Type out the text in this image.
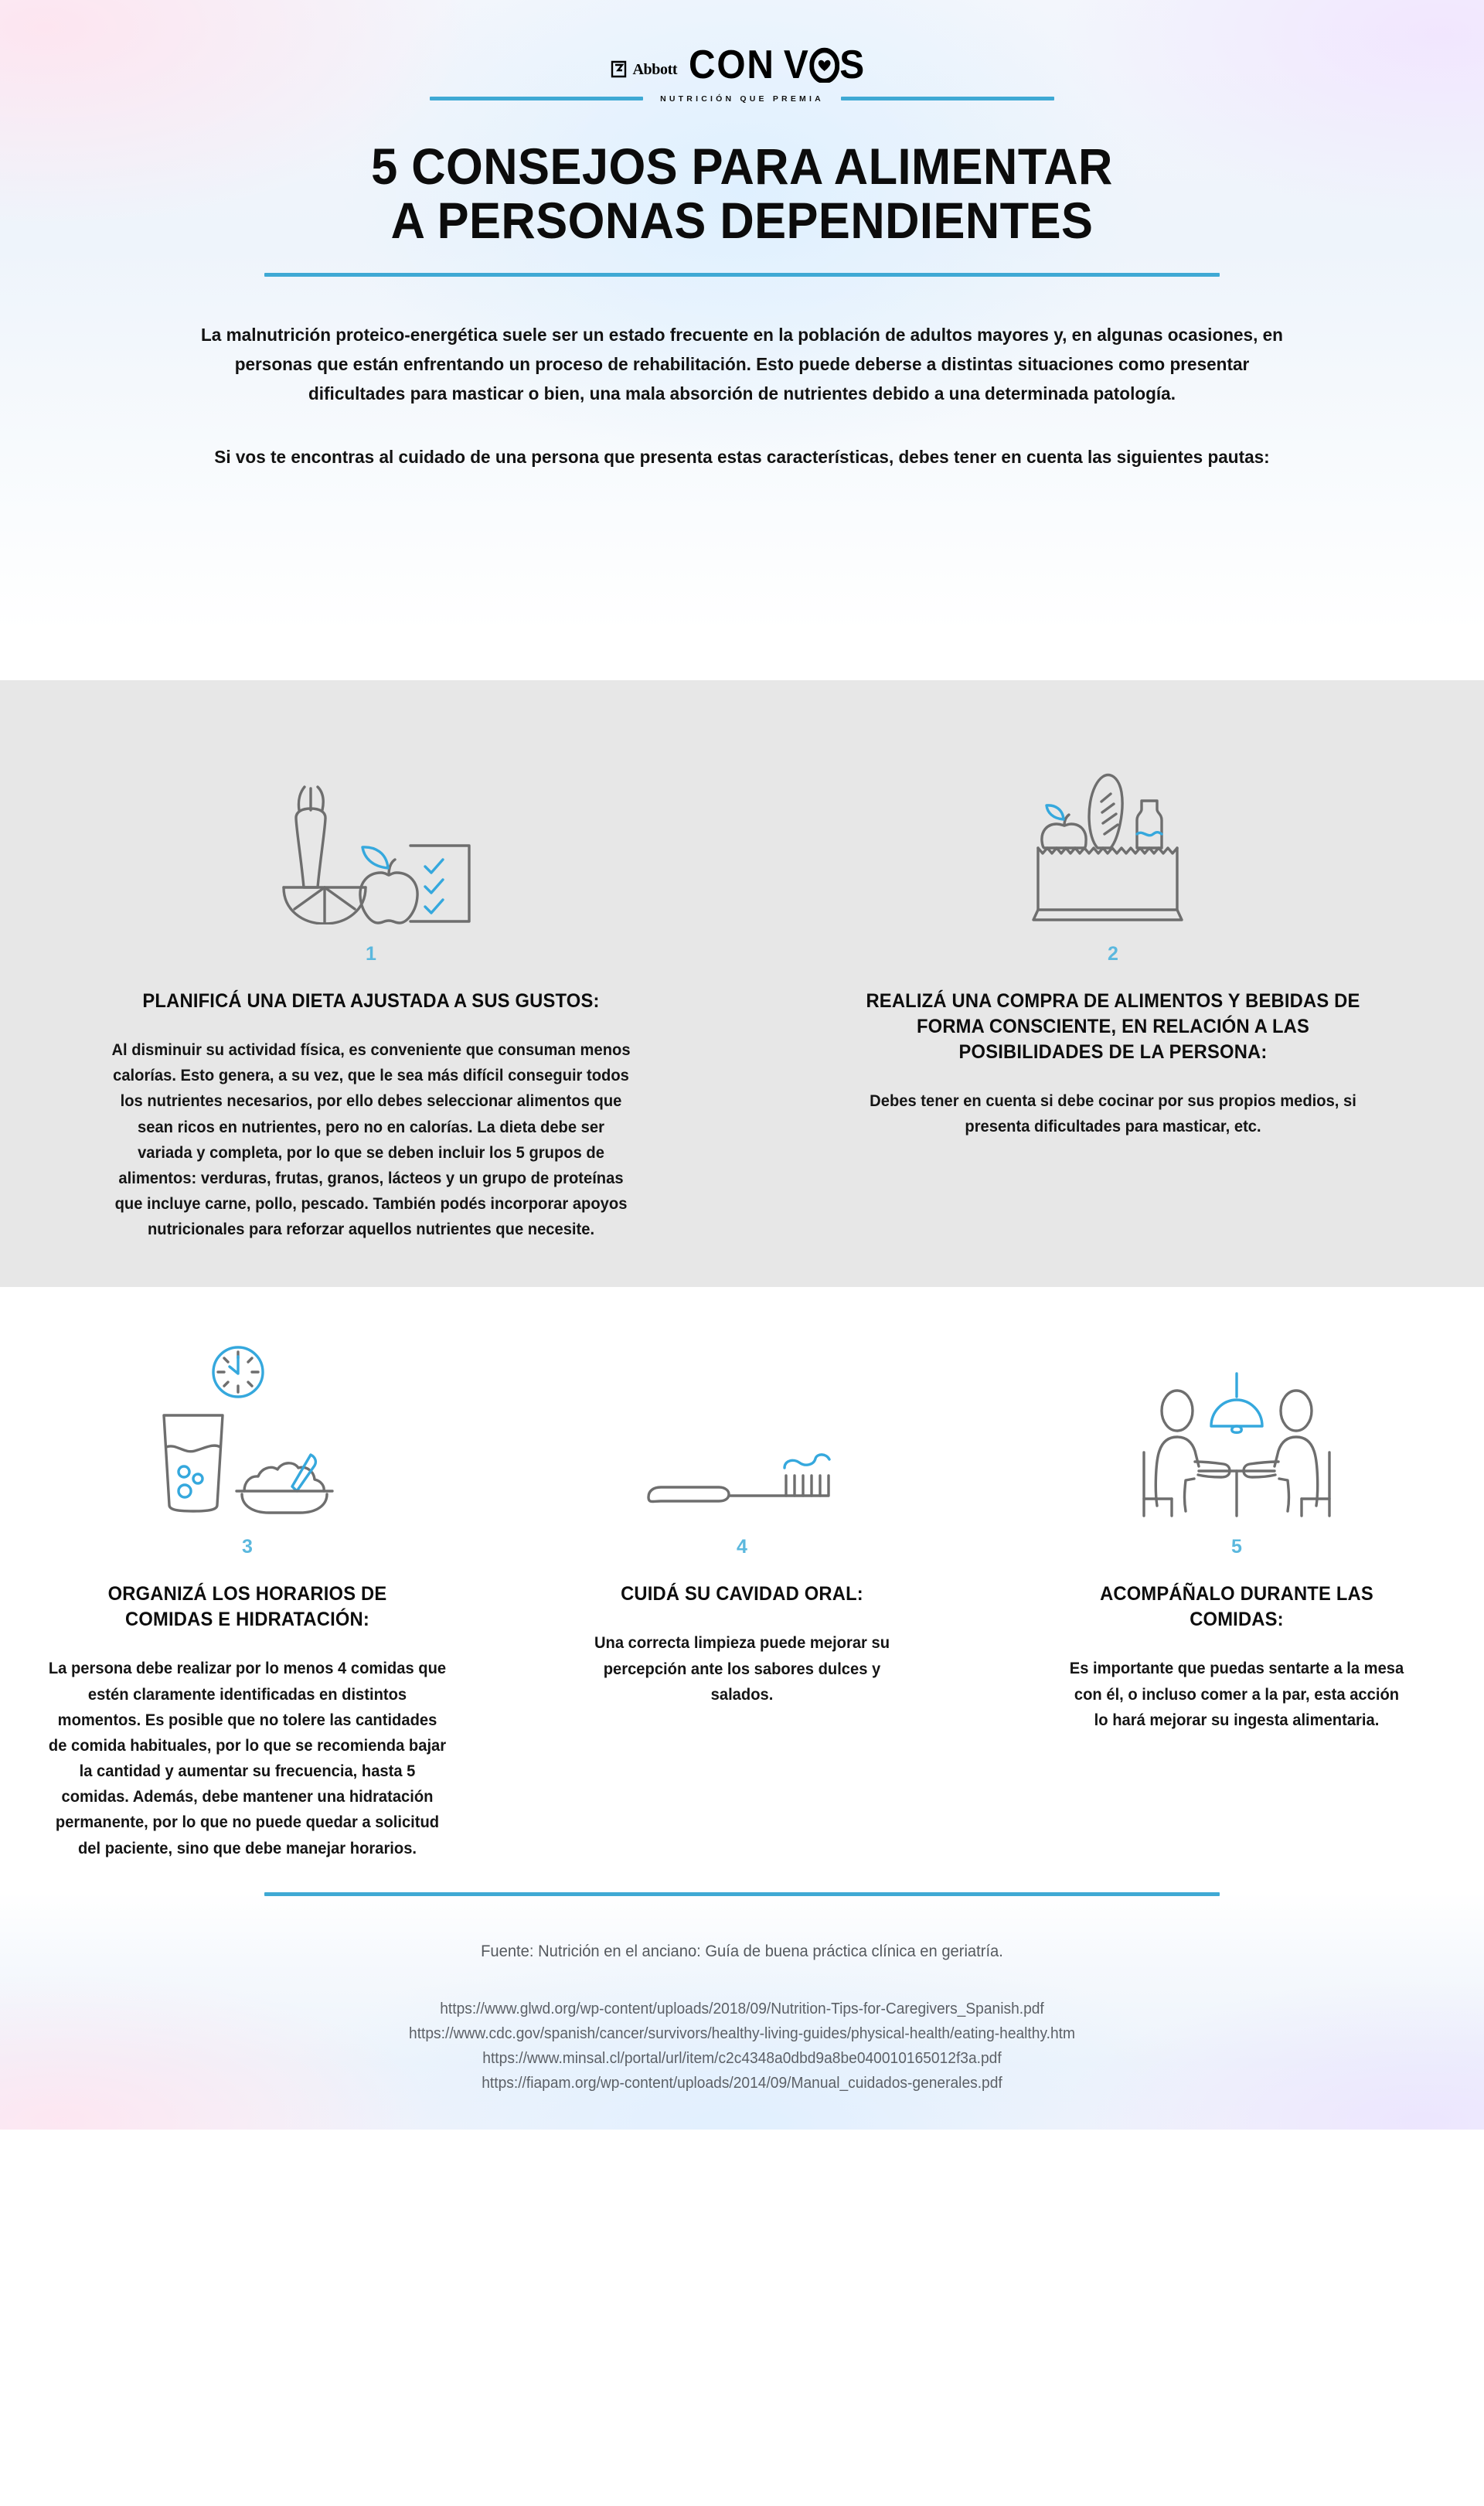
Abbott
CON V S
NUTRICIÓN QUE PREMIA
5 CONSEJOS PARA ALIMENTAR
A PERSONAS DEPENDIENTES

La malnutrición proteico-energética suele ser un estado frecuente en la población de adultos mayores y, en algunas ocasiones, en personas que están enfrentando un proceso de rehabilitación. Esto puede deberse a distintas situaciones como presentar dificultades para masticar o bien, una mala absorción de nutrientes debido a una determinada patología.

Si vos te encontras al cuidado de una persona que presenta estas características, debes tener en cuenta las siguientes pautas:

1
PLANIFICÁ UNA DIETA AJUSTADA A SUS GUSTOS:
Al disminuir su actividad física, es conveniente que consuman menos calorías. Esto genera, a su vez, que le sea más difícil conseguir todos los nutrientes necesarios, por ello debes seleccionar alimentos que sean ricos en nutrientes, pero no en calorías. La dieta debe ser variada y completa, por lo que se deben incluir los 5 grupos de alimentos: verduras, frutas, granos, lácteos y un grupo de proteínas que incluye carne, pollo, pescado. También podés incorporar apoyos nutricionales para reforzar aquellos nutrientes que necesite.
2
REALIZÁ UNA COMPRA DE ALIMENTOS Y BEBIDAS DE FORMA CONSCIENTE, EN RELACIÓN A LAS POSIBILIDADES DE LA PERSONA:
Debes tener en cuenta si debe cocinar por sus propios medios, si presenta dificultades para masticar, etc.
3
ORGANIZÁ LOS HORARIOS DE COMIDAS E HIDRATACIÓN:
La persona debe realizar por lo menos 4 comidas que estén claramente identificadas en distintos momentos. Es posible que no tolere las cantidades de comida habituales, por lo que se recomienda bajar la cantidad y aumentar su frecuencia, hasta 5 comidas. Además, debe mantener una hidratación permanente, por lo que no puede quedar a solicitud del paciente, sino que debe manejar horarios.
4
CUIDÁ SU CAVIDAD ORAL:
Una correcta limpieza puede mejorar su percepción ante los sabores dulces y salados.
5
ACOMPÁÑALO DURANTE LAS COMIDAS:
Es importante que puedas sentarte a la mesa con él, o incluso comer a la par, esta acción lo hará mejorar su ingesta alimentaria.
Fuente: Nutrición en el anciano: Guía de buena práctica clínica en geriatría.
https://www.glwd.org/wp-content/uploads/2018/09/Nutrition-Tips-for-Caregivers_Spanish.pdf
https://www.cdc.gov/spanish/cancer/survivors/healthy-living-guides/physical-health/eating-healthy.htm
https://www.minsal.cl/portal/url/item/c2c4348a0dbd9a8be040010165012f3a.pdf
https://fiapam.org/wp-content/uploads/2014/09/Manual_cuidados-generales.pdf
